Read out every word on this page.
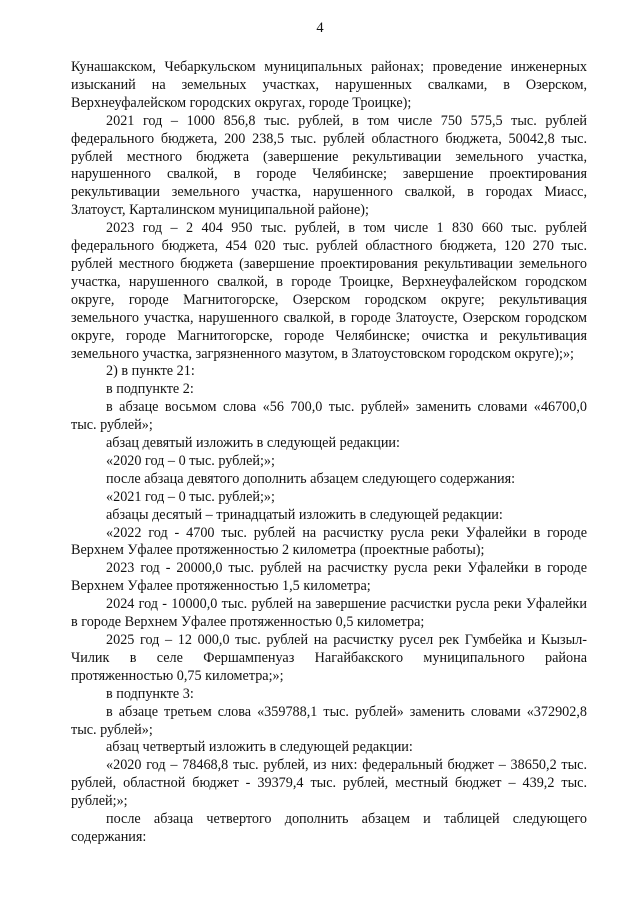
4

Кунашакском, Чебаркульском муниципальных районах; проведение инженерных изысканий на земельных участках, нарушенных свалками, в Озерском, Верхнеуфалейском городских округах, городе Троицке);

2021 год – 1000 856,8 тыс. рублей, в том числе 750 575,5 тыс. рублей федерального бюджета, 200 238,5 тыс. рублей областного бюджета, 50042,8 тыс. рублей местного бюджета (завершение рекультивации земельного участка, нарушенного свалкой, в городе Челябинске; завершение проектирования рекультивации земельного участка, нарушенного свалкой, в городах Миасс, Златоуст, Карталинском муниципальной районе);

2023 год – 2 404 950 тыс. рублей, в том числе 1 830 660 тыс. рублей федерального бюджета, 454 020 тыс. рублей областного бюджета, 120 270 тыс. рублей местного бюджета (завершение проектирования рекультивации земельного участка, нарушенного свалкой, в городе Троицке, Верхнеуфалейском городском округе, городе Магнитогорске, Озерском городском округе; рекультивация земельного участка, нарушенного свалкой, в городе Златоусте, Озерском городском округе, городе Магнитогорске, городе Челябинске; очистка и рекультивация земельного участка, загрязненного мазутом, в Златоустовском городском округе);»;

2) в пункте 21:

в подпункте 2:

в абзаце восьмом слова «56 700,0 тыс. рублей» заменить словами «46700,0 тыс. рублей»;

абзац девятый изложить в следующей редакции:

«2020 год – 0 тыс. рублей;»;

после абзаца девятого дополнить абзацем следующего содержания:

«2021 год – 0 тыс. рублей;»;

абзацы десятый – тринадцатый изложить в следующей редакции:

«2022 год - 4700 тыс. рублей на расчистку русла реки Уфалейки в городе Верхнем Уфалее протяженностью 2 километра (проектные работы);

2023 год - 20000,0 тыс. рублей на расчистку русла реки Уфалейки в городе Верхнем Уфалее протяженностью 1,5 километра;

2024 год - 10000,0 тыс. рублей на завершение расчистки русла реки Уфалейки в городе Верхнем Уфалее протяженностью 0,5 километра;

2025 год – 12 000,0 тыс. рублей на расчистку русел рек Гумбейка и Кызыл-Чилик в селе Фершампенуаз Нагайбакского муниципального района протяженностью 0,75 километра;»;

в подпункте 3:

в абзаце третьем слова «359788,1 тыс. рублей» заменить словами «372902,8 тыс. рублей»;

абзац четвертый изложить в следующей редакции:

«2020 год – 78468,8 тыс. рублей, из них: федеральный бюджет – 38650,2 тыс. рублей, областной бюджет - 39379,4 тыс. рублей, местный бюджет – 439,2 тыс. рублей;»;

после абзаца четвертого дополнить абзацем и таблицей следующего содержания:
